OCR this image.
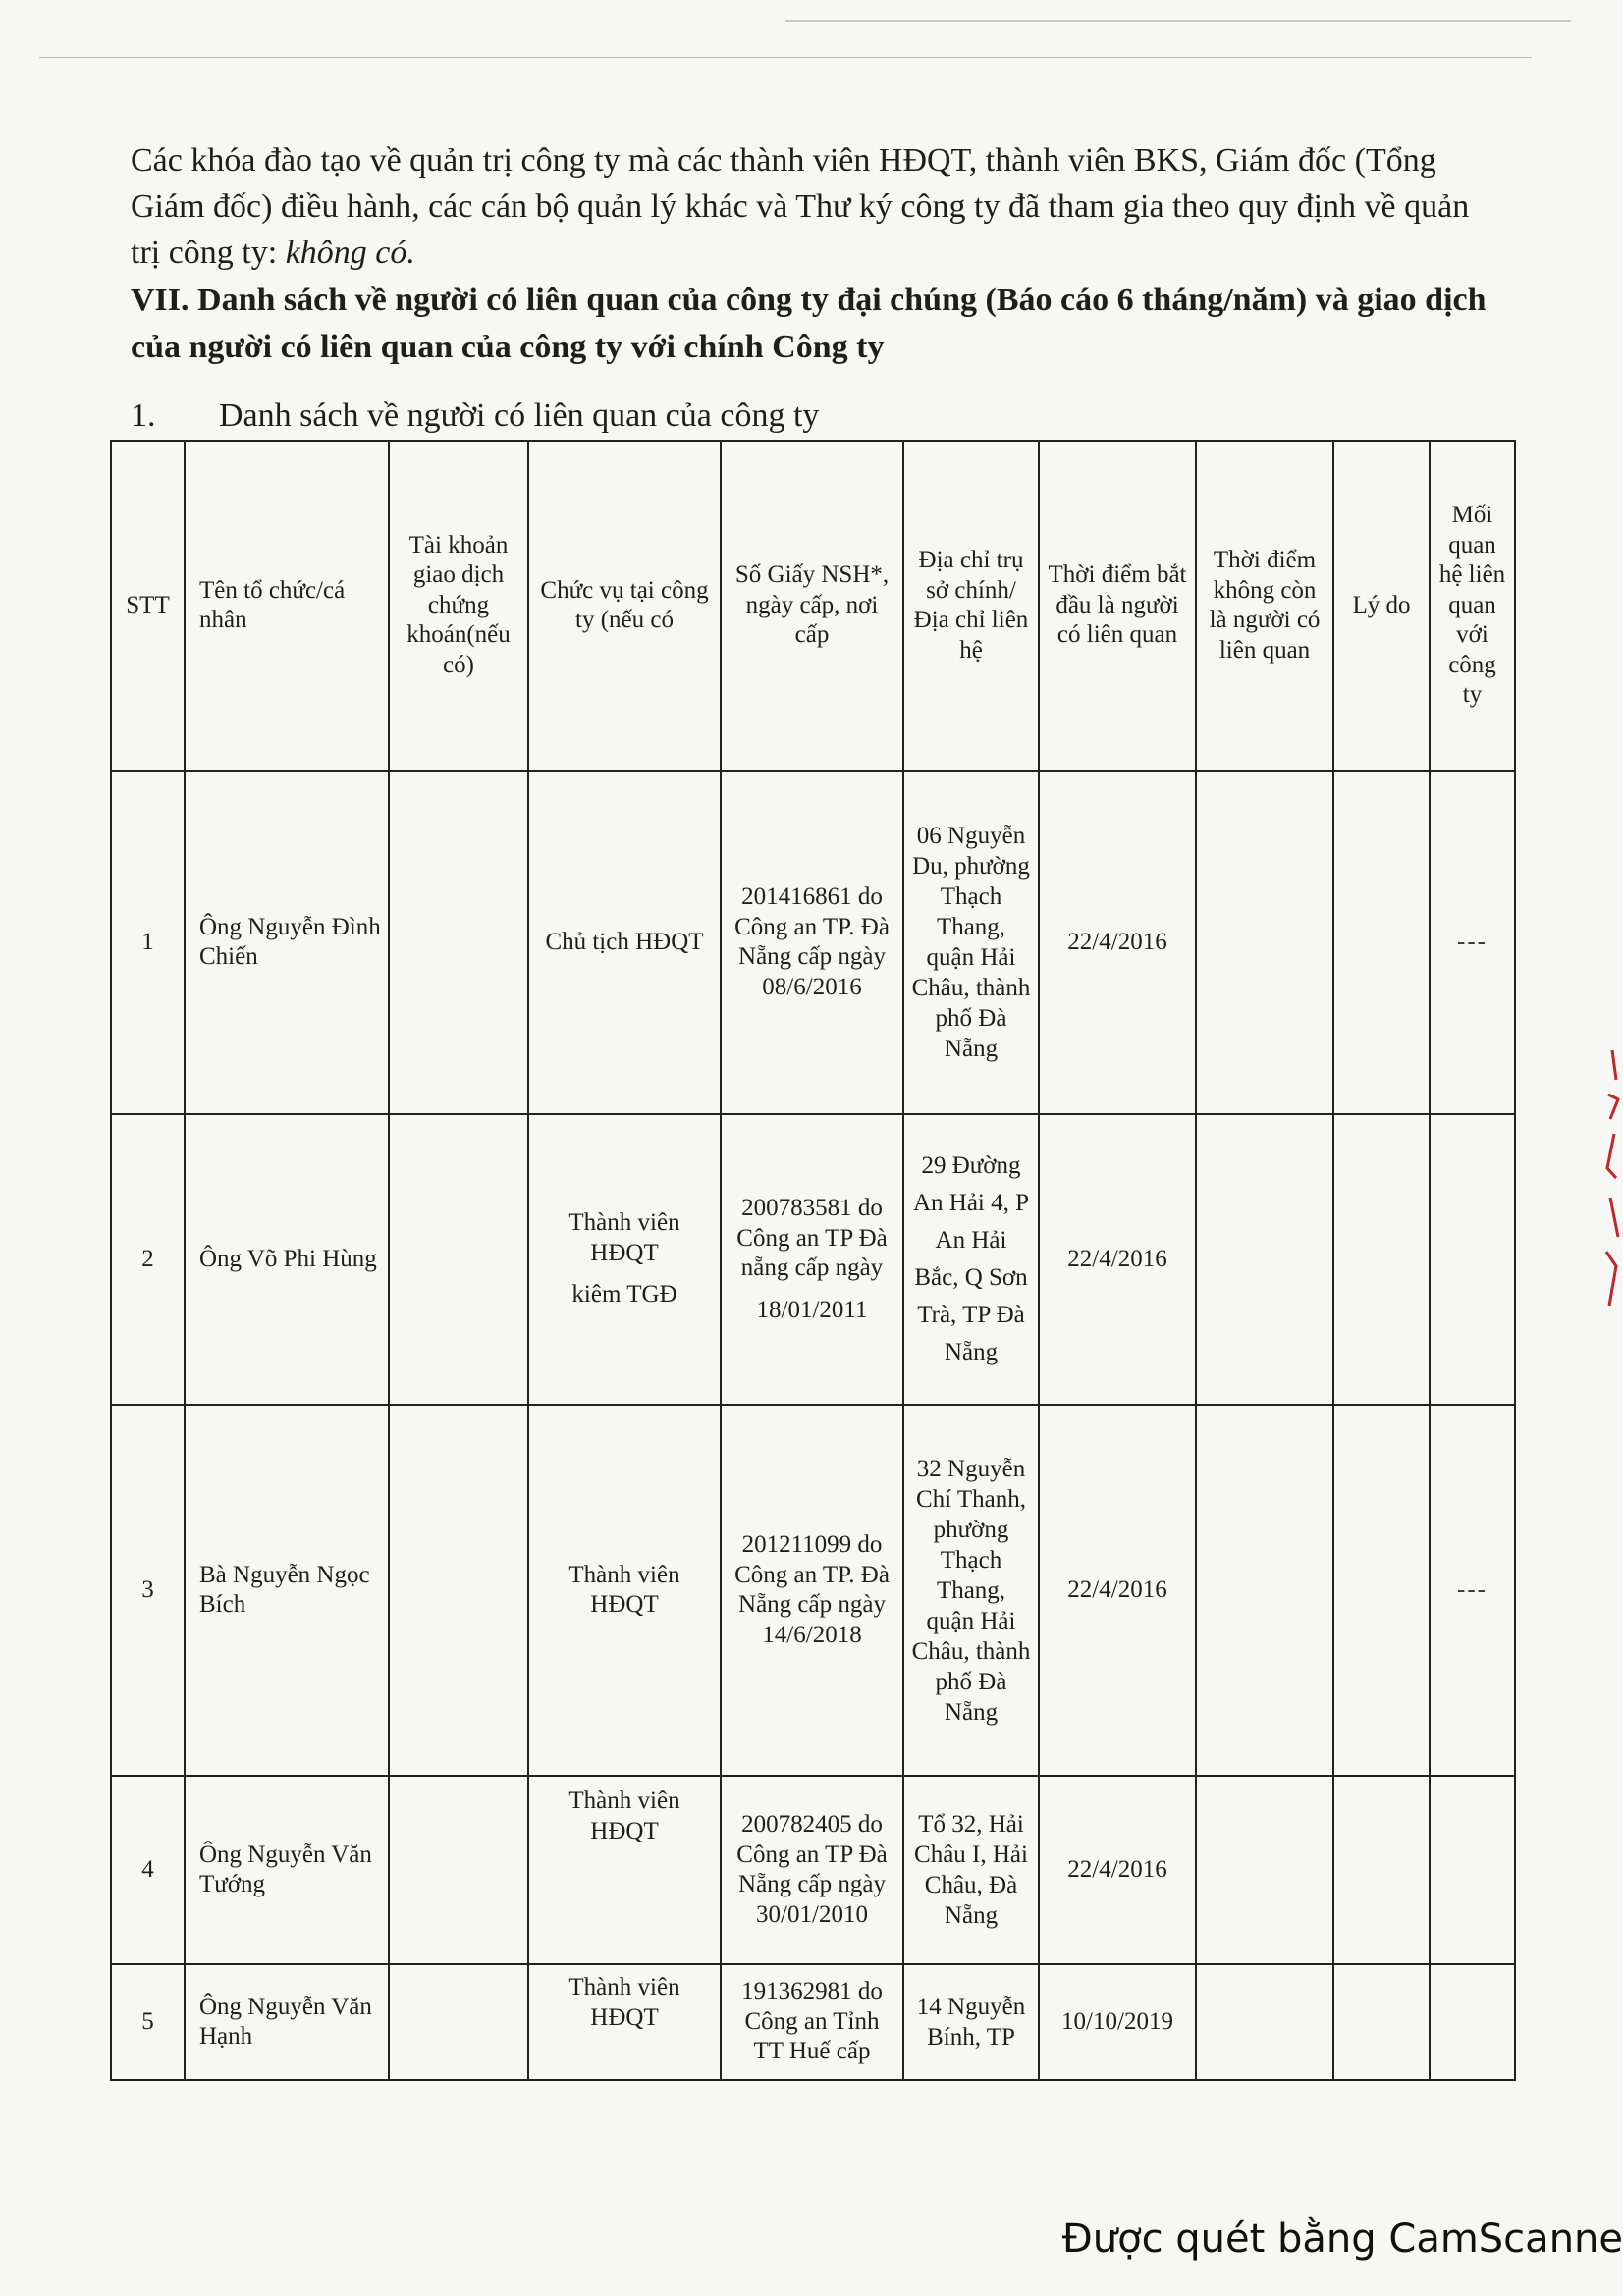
Các khóa đào tạo về quản trị công ty mà các thành viên HĐQT, thành viên BKS, Giám đốc (Tổng Giám đốc) điều hành, các cán bộ quản lý khác và Thư ký công ty đã tham gia theo quy định về quản trị công ty: không có.

VII. Danh sách về người có liên quan của công ty đại chúng (Báo cáo 6 tháng/năm) và giao dịch của người có liên quan của công ty với chính Công ty
1. Danh sách về người có liên quan của công ty
STT	Tên tổ chức/cá nhân	Tài khoản giao dịch chứng khoán(nếu có)	Chức vụ tại công ty (nếu có	Số Giấy NSH*, ngày cấp, nơi cấp	Địa chỉ trụ sở chính/ Địa chỉ liên hệ	Thời điểm bắt đầu là người có liên quan	Thời điểm không còn là người có liên quan	Lý do	Mối quan hệ liên quan với công ty
1	Ông Nguyễn Đình Chiến		Chủ tịch HĐQT	201416861 do Công an TP. Đà Nẵng cấp ngày
08/6/2016	06 Nguyễn Du, phường Thạch Thang, quận Hải Châu, thành phố Đà Nẵng	22/4/2016			---
2	Ông Võ Phi Hùng		Thành viên HĐQT
kiêm TGĐ	200783581 do Công an TP Đà nẵng cấp ngày
18/01/2011	29 Đường An Hải 4, P An Hải Bắc, Q Sơn Trà, TP Đà Nẵng	22/4/2016			
3	Bà Nguyễn Ngọc Bích		Thành viên HĐQT	201211099 do Công an TP. Đà Nẵng cấp ngày
14/6/2018	32 Nguyễn Chí Thanh, phường Thạch Thang, quận Hải Châu, thành phố Đà Nẵng	22/4/2016			---
4	Ông Nguyễn Văn Tướng		Thành viên HĐQT	200782405 do Công an TP Đà Nẵng cấp ngày
30/01/2010	Tổ 32, Hải Châu I, Hải Châu, Đà Nẵng	22/4/2016			
5	Ông Nguyễn Văn Hạnh		Thành viên HĐQT	191362981 do Công an Tỉnh TT Huế cấp	14 Nguyễn Bính, TP	10/10/2019			
Được quét bằng CamScanne
